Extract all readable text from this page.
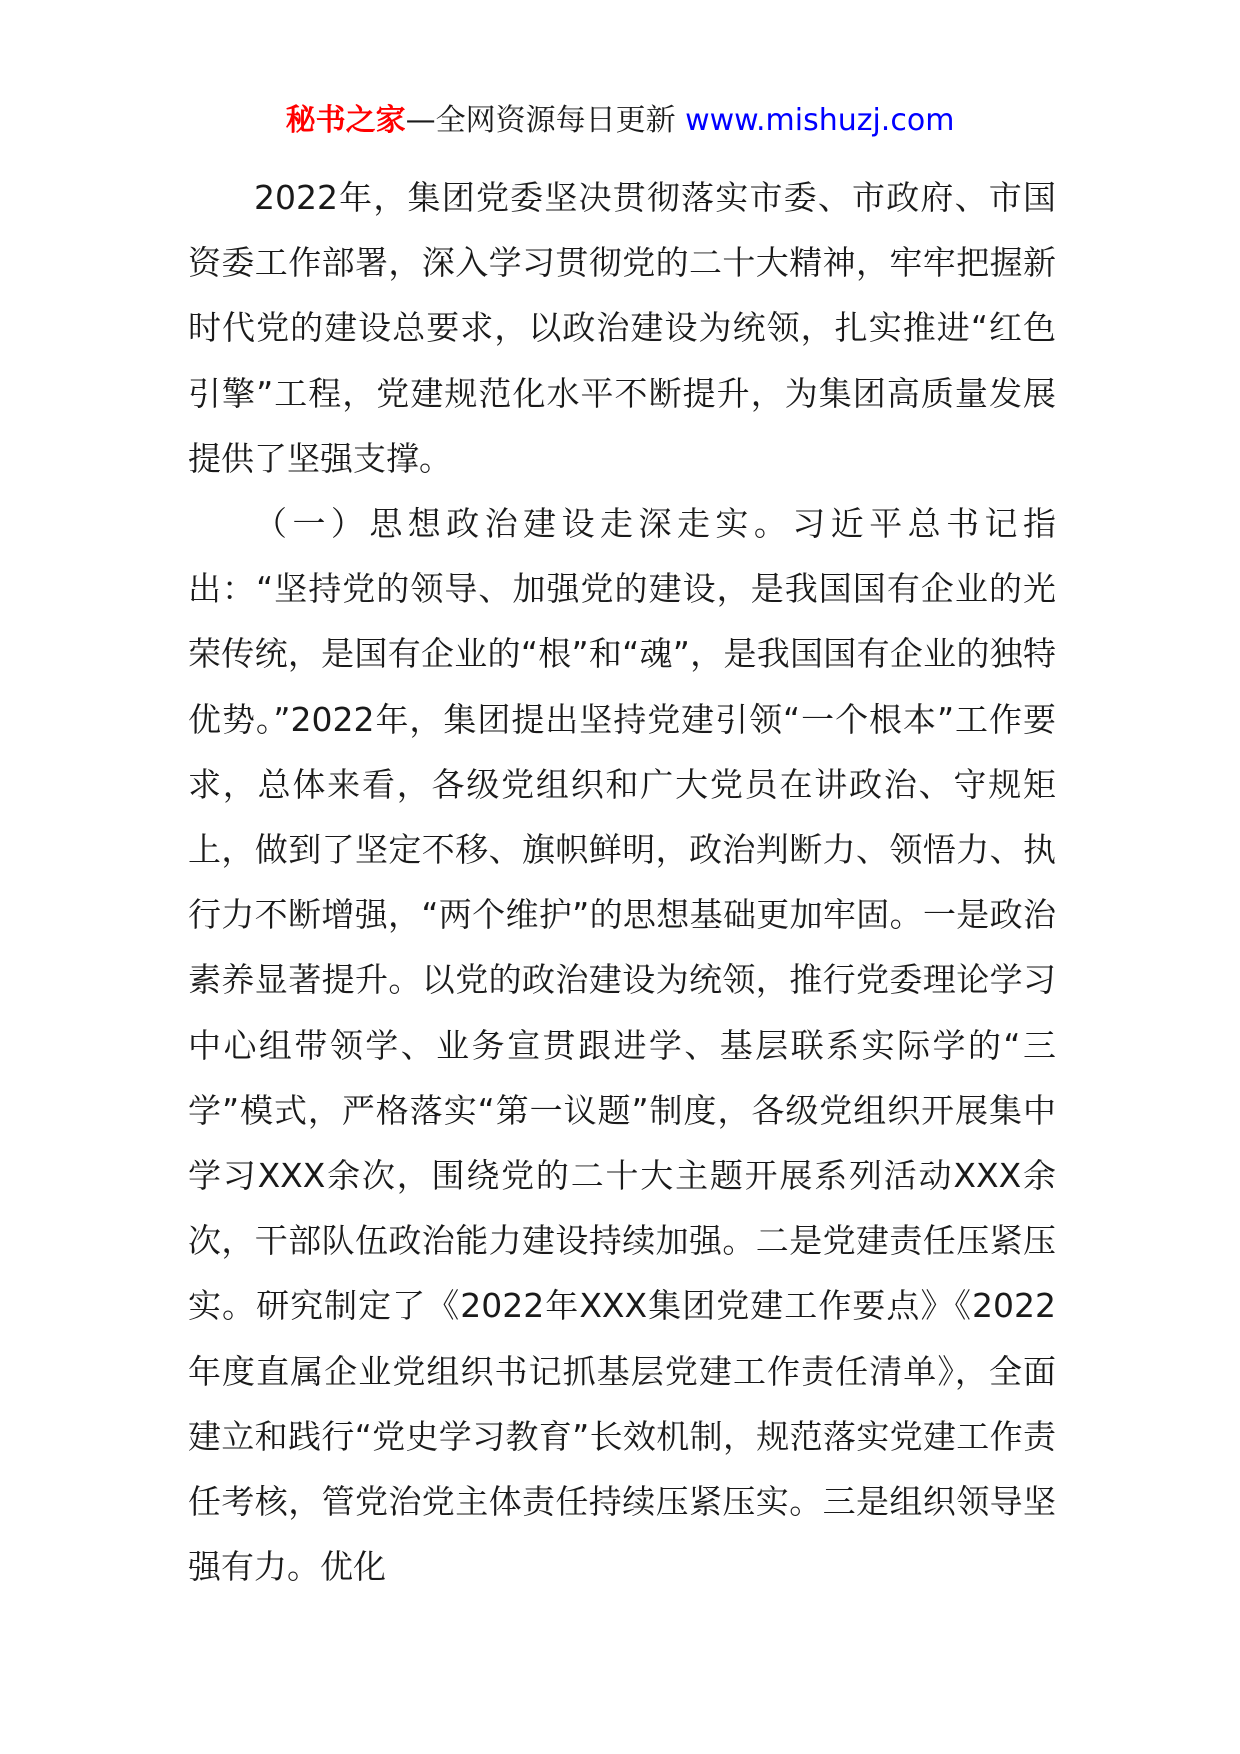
秘书之家—全网资源每日更新 www.mishuzj.com

2022年，集团党委坚决贯彻落实市委、市政府、市国资委工作部署，深入学习贯彻党的二十大精神，牢牢把握新时代党的建设总要求，以政治建设为统领，扎实推进“红色引擎”工程，党建规范化水平不断提升，为集团高质量发展提供了坚强支撑。

（一）思想政治建设走深走实。习近平总书记指出：“坚持党的领导、加强党的建设，是我国国有企业的光荣传统，是国有企业的“根”和“魂”，是我国国有企业的独特优势。”2022年，集团提出坚持党建引领“一个根本”工作要求，总体来看，各级党组织和广大党员在讲政治、守规矩上，做到了坚定不移、旗帜鲜明，政治判断力、领悟力、执行力不断增强，“两个维护”的思想基础更加牢固。一是政治素养显著提升。以党的政治建设为统领，推行党委理论学习中心组带领学、业务宣贯跟进学、基层联系实际学的“三学”模式，严格落实“第一议题”制度，各级党组织开展集中学习XXX余次，围绕党的二十大主题开展系列活动XXX余次，干部队伍政治能力建设持续加强。二是党建责任压紧压实。研究制定了《2022年XXX集团党建工作要点》《2022年度直属企业党组织书记抓基层党建工作责任清单》，全面建立和践行“党史学习教育”长效机制，规范落实党建工作责任考核，管党治党主体责任持续压紧压实。三是组织领导坚强有力。优化
